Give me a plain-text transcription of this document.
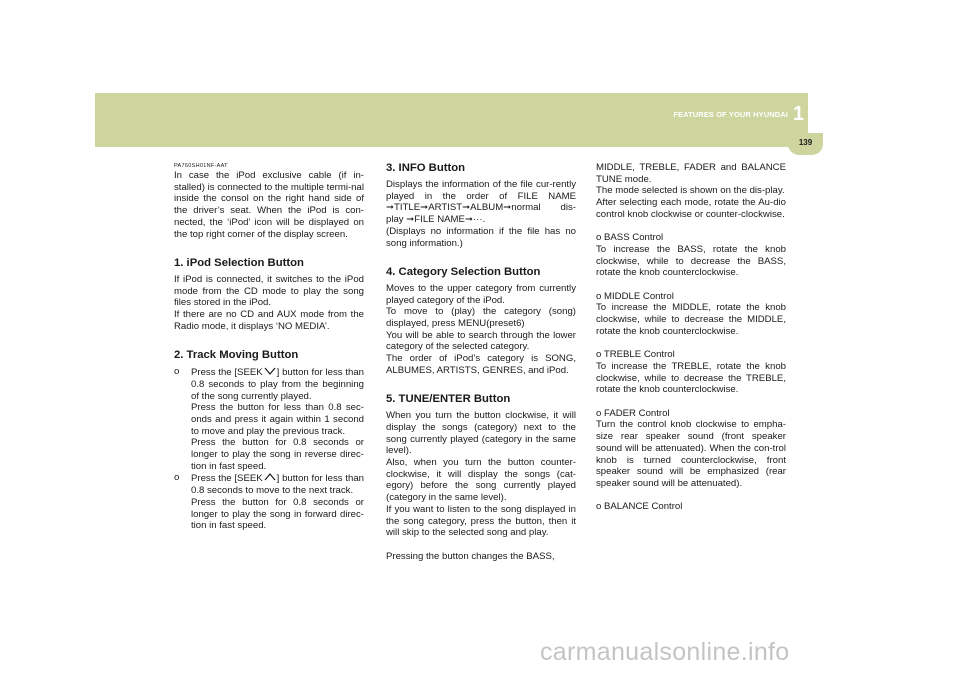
FEATURES OF YOUR HYUNDAI 1
139

PA760SH01NF-AAT

In case the iPod exclusive cable (if in-stalled) is connected to the multiple termi-nal inside the consol on the right hand side of the driver’s seat. When the iPod is con-nected, the ‘iPod’ icon will be displayed on the top right corner of the display screen.

1. iPod Selection Button

If iPod is connected, it switches to the iPod mode from the CD mode to play the song files stored in the iPod.

If there are no CD and AUX mode from the Radio mode, it displays ‘NO MEDIA’.

2. Track Moving Button
o	Press the [SEEK ] button for less than 0.8 seconds to play from the beginning of the song currently played.

Press the button for less than 0.8 sec-onds and press it again within 1 second to move and play the previous track.

Press the button for 0.8 seconds or longer to play the song in reverse direc-tion in fast speed.

o	Press the [SEEK ] button for less than 0.8 seconds to move to the next track.

Press the button for 0.8 seconds or longer to play the song in forward direc-tion in fast speed.

3. INFO Button

Displays the information of the file cur-rently played in the order of FILE NAME ➞TITLE➞ARTIST➞ALBUM➞normal dis-play ➞FILE NAME➞···.

(Displays no information if the file has no song information.)

4. Category Selection Button

Moves to the upper category from currently played category of the iPod.

To move to (play) the category (song) displayed, press MENU(preset6)

You will be able to search through the lower category of the selected category.

The order of iPod’s category is SONG, ALBUMES, ARTISTS, GENRES, and iPod.

5. TUNE/ENTER Button

When you turn the button clockwise, it will display the songs (category) next to the song currently played (category in the same level).

Also, when you turn the button counter-clockwise, it will display the songs (cat-egory) before the song currently played (category in the same level).

If you want to listen to the song displayed in the song category, press the button, then it will skip to the selected song and play.

Pressing the button changes the BASS,

MIDDLE, TREBLE, FADER and BALANCE TUNE mode.

The mode selected is shown on the dis-play.

After selecting each mode, rotate the Au-dio control knob clockwise or counter-clockwise.

o BASS Control

To increase the BASS, rotate the knob clockwise, while to decrease the BASS, rotate the knob counterclockwise.

o MIDDLE Control

To increase the MIDDLE, rotate the knob clockwise, while to decrease the MIDDLE, rotate the knob counterclockwise.

o TREBLE Control

To increase the TREBLE, rotate the knob clockwise, while to decrease the TREBLE, rotate the knob counterclockwise.

o FADER Control

Turn the control knob clockwise to empha-size rear speaker sound (front speaker sound will be attenuated). When the con-trol knob is turned counterclockwise, front speaker sound will be emphasized (rear speaker sound will be attenuated).

o BALANCE Control

carmanualsonline.info
